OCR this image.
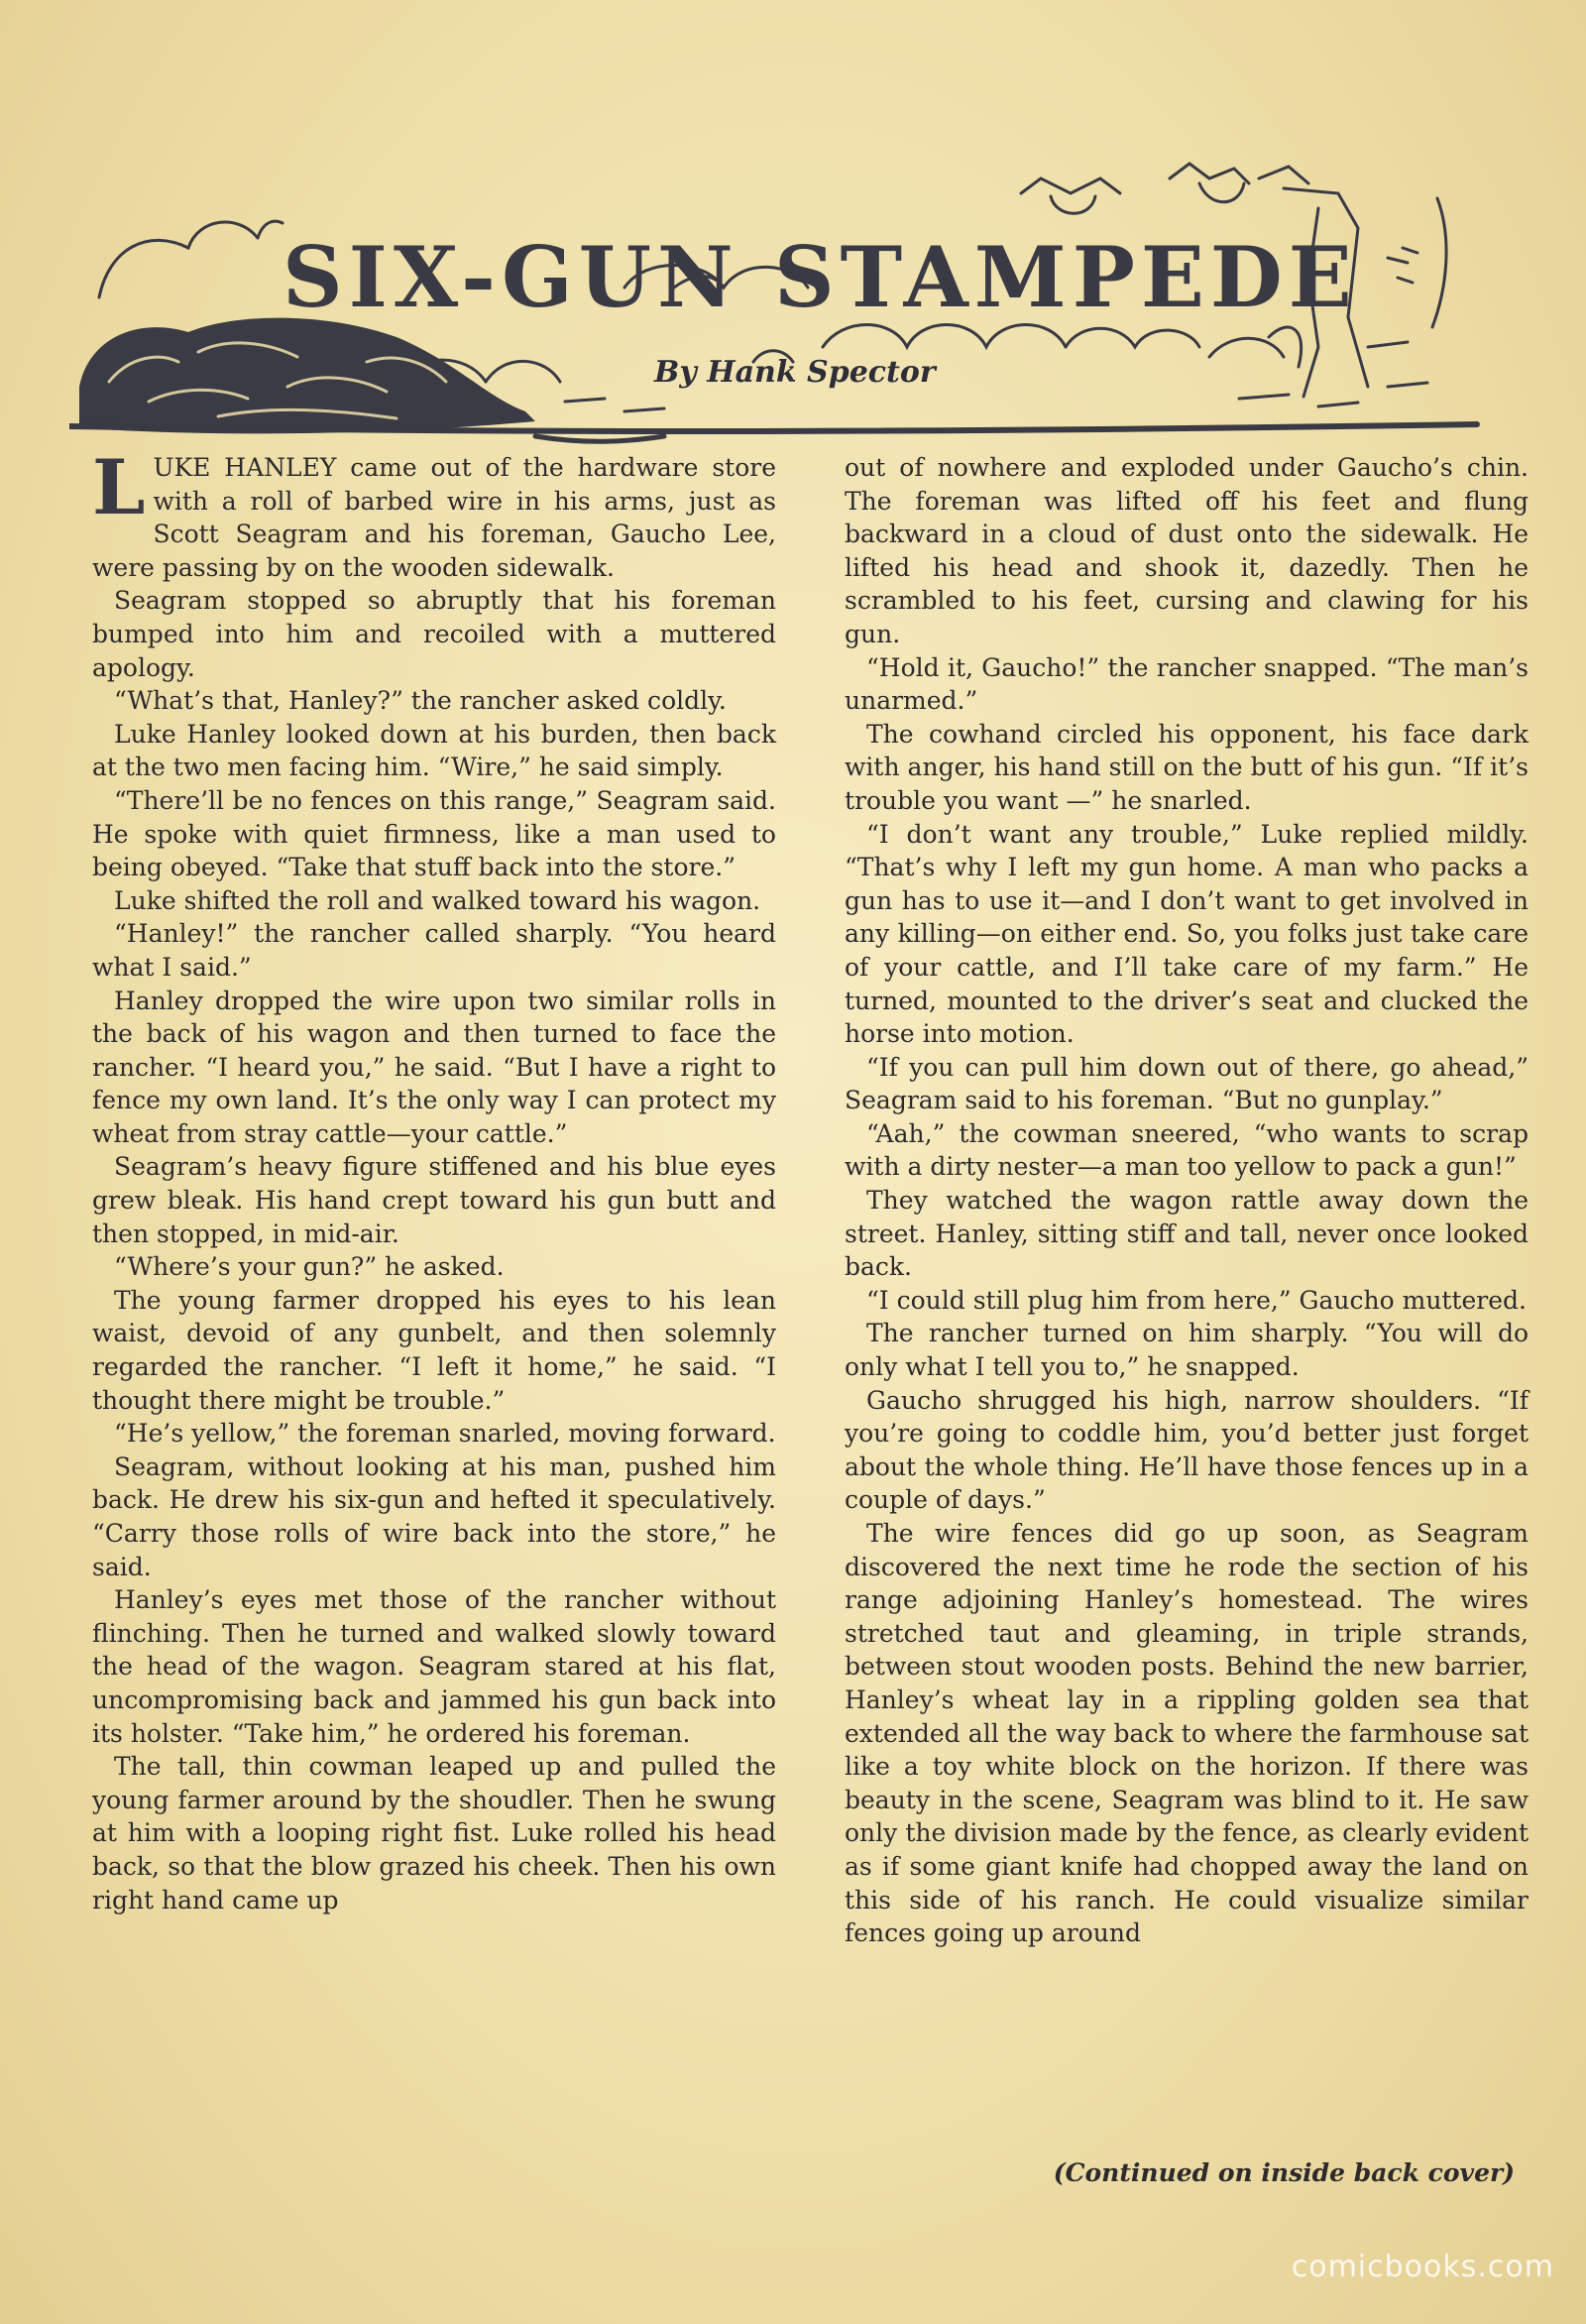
SIX-GUN STAMPEDE
By Hank Spector

LUKE HANLEY came out of the hardware store with a roll of barbed wire in his arms, just as Scott Seagram and his foreman, Gaucho Lee, were passing by on the wooden sidewalk.

Seagram stopped so abruptly that his foreman bumped into him and recoiled with a muttered apology.

“What’s that, Hanley?” the rancher asked coldly.

Luke Hanley looked down at his burden, then back at the two men facing him. “Wire,” he said simply.

“There’ll be no fences on this range,” Seagram said. He spoke with quiet firmness, like a man used to being obeyed. “Take that stuff back into the store.”

Luke shifted the roll and walked toward his wagon.

“Hanley!” the rancher called sharply. “You heard what I said.”

Hanley dropped the wire upon two similar rolls in the back of his wagon and then turned to face the rancher. “I heard you,” he said. “But I have a right to fence my own land. It’s the only way I can protect my wheat from stray cattle—your cattle.”

Seagram’s heavy figure stiffened and his blue eyes grew bleak. His hand crept toward his gun butt and then stopped, in mid-air.

“Where’s your gun?” he asked.

The young farmer dropped his eyes to his lean waist, devoid of any gunbelt, and then solemnly regarded the rancher. “I left it home,” he said. “I thought there might be trouble.”

“He’s yellow,” the foreman snarled, moving forward.

Seagram, without looking at his man, pushed him back. He drew his six-gun and hefted it speculatively. “Carry those rolls of wire back into the store,” he said.

Hanley’s eyes met those of the rancher without flinching. Then he turned and walked slowly toward the head of the wagon. Seagram stared at his flat, uncompromising back and jammed his gun back into its holster. “Take him,” he ordered his foreman.

The tall, thin cowman leaped up and pulled the young farmer around by the shoudler. Then he swung at him with a looping right fist. Luke rolled his head back, so that the blow grazed his cheek. Then his own right hand came up

out of nowhere and exploded under Gaucho’s chin. The foreman was lifted off his feet and flung backward in a cloud of dust onto the sidewalk. He lifted his head and shook it, dazedly. Then he scrambled to his feet, cursing and clawing for his gun.

“Hold it, Gaucho!” the rancher snapped. “The man’s unarmed.”

The cowhand circled his opponent, his face dark with anger, his hand still on the butt of his gun. “If it’s trouble you want —” he snarled.

“I don’t want any trouble,” Luke replied mildly. “That’s why I left my gun home. A man who packs a gun has to use it—and I don’t want to get involved in any killing—on either end. So, you folks just take care of your cattle, and I’ll take care of my farm.” He turned, mounted to the driver’s seat and clucked the horse into motion.

“If you can pull him down out of there, go ahead,” Seagram said to his foreman. “But no gunplay.”

“Aah,” the cowman sneered, “who wants to scrap with a dirty nester—a man too yellow to pack a gun!”

They watched the wagon rattle away down the street. Hanley, sitting stiff and tall, never once looked back.

“I could still plug him from here,” Gaucho muttered.

The rancher turned on him sharply. “You will do only what I tell you to,” he snapped.

Gaucho shrugged his high, narrow shoulders. “If you’re going to coddle him, you’d better just forget about the whole thing. He’ll have those fences up in a couple of days.”

The wire fences did go up soon, as Seagram discovered the next time he rode the section of his range adjoining Hanley’s homestead. The wires stretched taut and gleaming, in triple strands, between stout wooden posts. Behind the new barrier, Hanley’s wheat lay in a rippling golden sea that extended all the way back to where the farmhouse sat like a toy white block on the horizon. If there was beauty in the scene, Seagram was blind to it. He saw only the division made by the fence, as clearly evident as if some giant knife had chopped away the land on this side of his ranch. He could visualize similar fences going up around

(Continued on inside back cover)
comicbooks.com
